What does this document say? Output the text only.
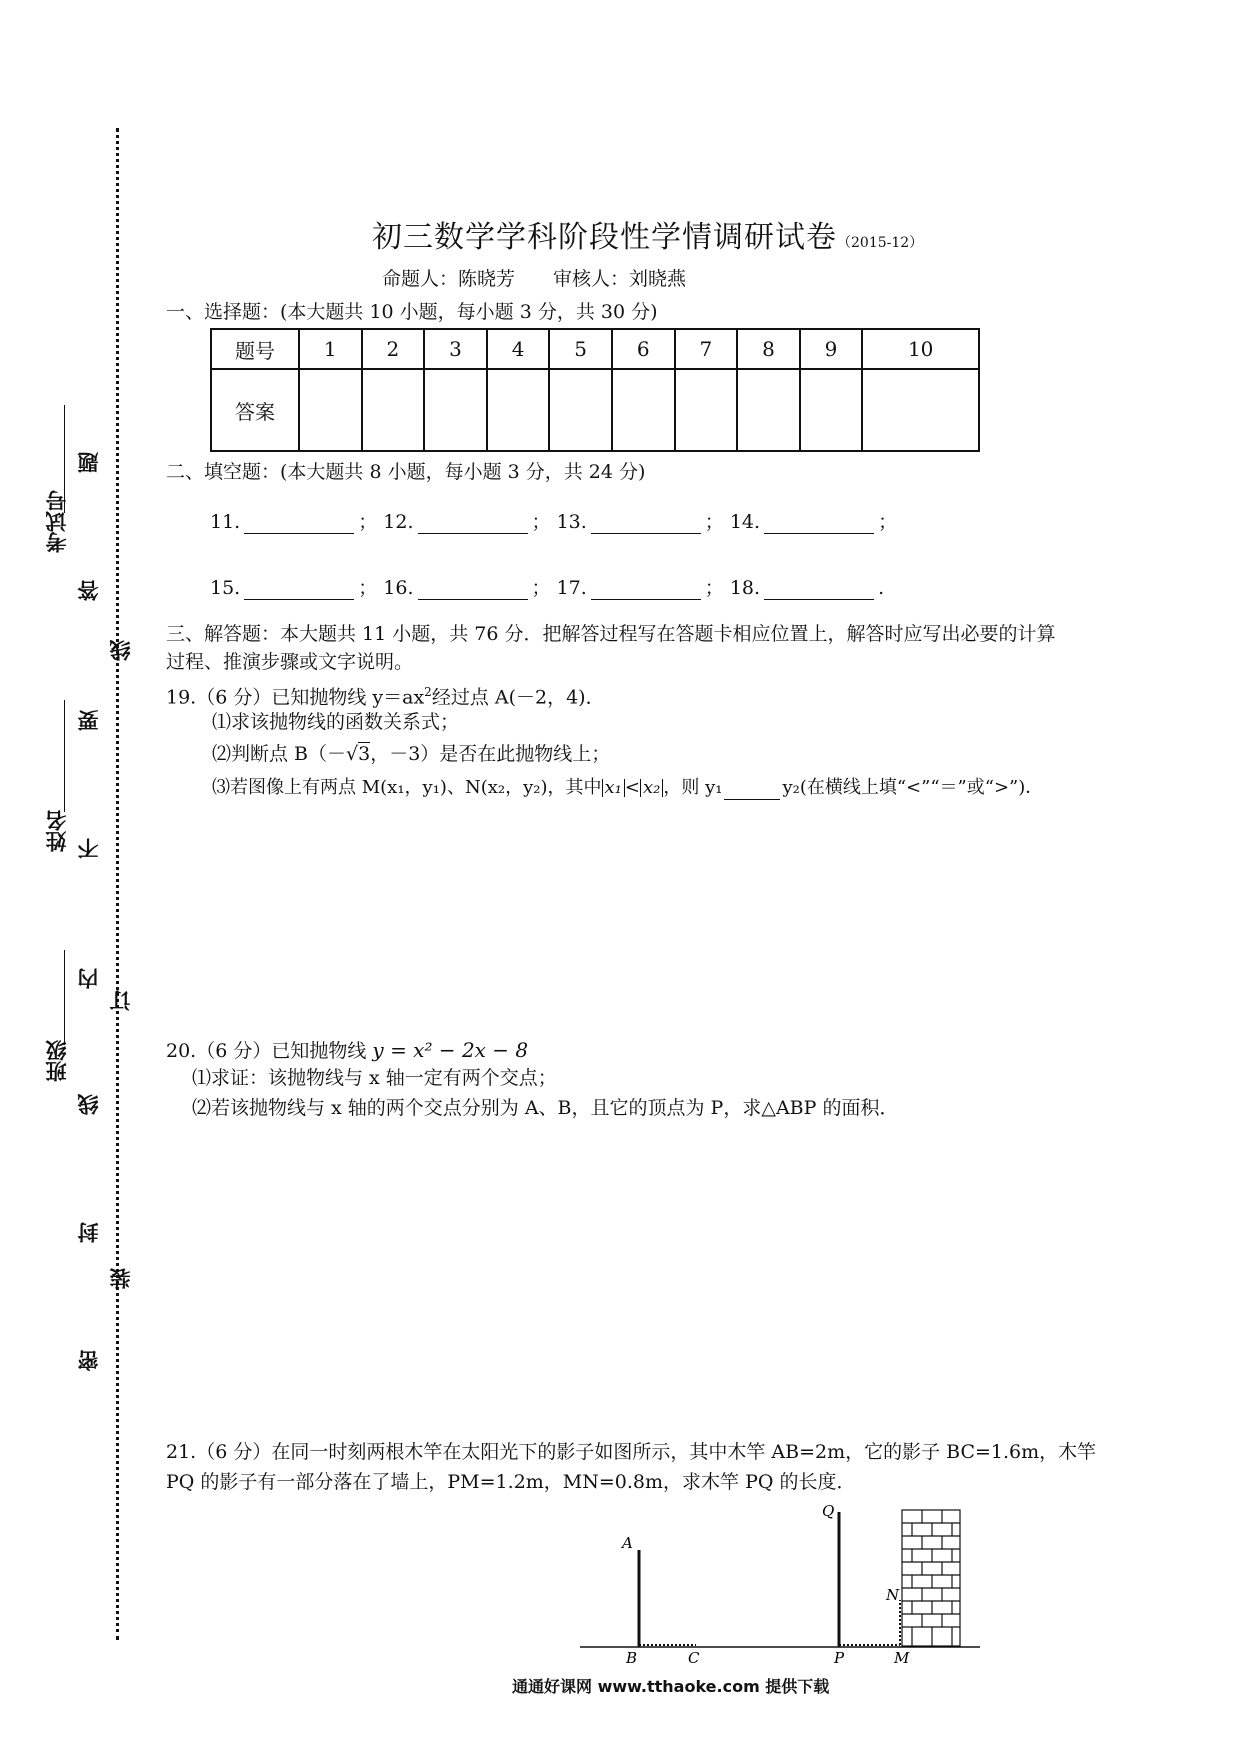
考试号
姓名
班级
题
答
要
不
内
线
封
密
线
订
装
初三数学学科阶段性学情调研试卷（2015-12）
命题人：陈晓芳　　审核人：刘晓燕
一、选择题：(本大题共 10 小题，每小题 3 分，共 30 分)
题号	1	2	3	4	5	6	7	8	9	10
答案										
二、填空题：(本大题共 8 小题，每小题 3 分，共 24 分)
11.	； 12.	； 13.	； 14.	；
15.	； 16.	； 17.	； 18.	.
三、解答题：本大题共 11 小题，共 76 分．把解答过程写在答题卡相应位置上，解答时应写出必要的计算
过程、推演步骤或文字说明。
19.（6 分）已知抛物线 $y=ax^2$经过点 A(－2，4)．
⑴求该抛物线的函数关系式；
⑵判断点 B（－√3，－3）是否在此抛物线上；
⑶若图像上有两点 M(x₁，y₁)、N(x₂，y₂)，其中 x₁ < x₂ ，则 y₁	y₂(在横线上填“<”“＝”或“>”)．
20.（6 分）已知抛物线 y = x² − 2x − 8
⑴求证：该抛物线与 x 轴一定有两个交点；
⑵若该抛物线与 x 轴的两个交点分别为 A、B，且它的顶点为 P，求△ABP 的面积．
21.（6 分）在同一时刻两根木竿在太阳光下的影子如图所示，其中木竿 AB=2m，它的影子 BC=1.6m，木竿
PQ 的影子有一部分落在了墙上，PM=1.2m，MN=0.8m，求木竿 PQ 的长度．
A
B	C
Q
P
N
M
通通好课网 www.tthaoke.com 提供下载
